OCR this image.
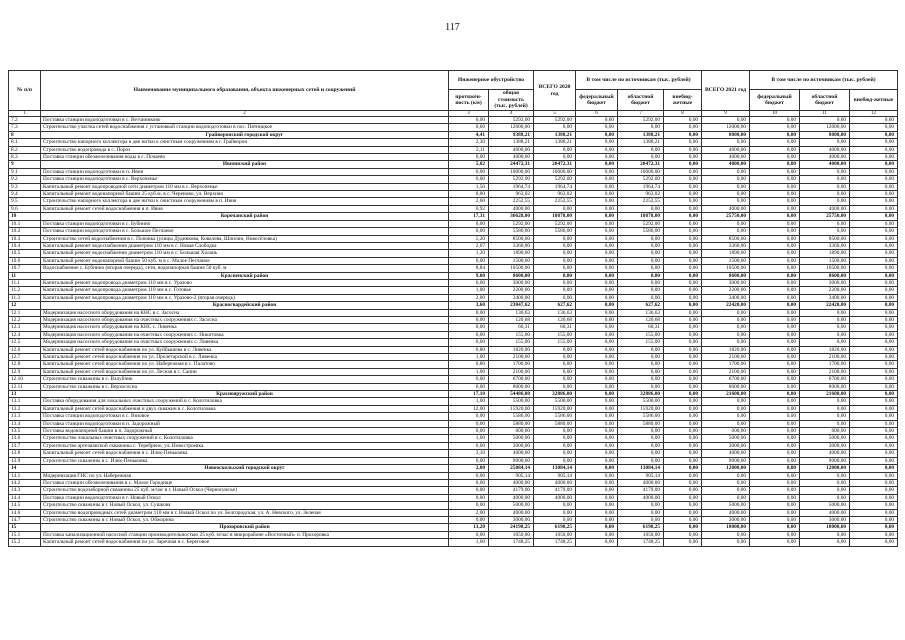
117
№ п/п	Наименование муниципального образования, объекта инженерных сетей и сооружений	Инженерное обустройство		ВСЕГО 2020 год	В том числе по источникам (тыс. рублей)			ВСЕГО 2021 год	В том числе по источникам (тыс. рублей)		
		протяжён-ность (км)	общая стоимость (тыс. рублей)		федеральный бюджет	областной бюджет	внебюд-жетные		федеральный бюджет	областной бюджет	внебюд-жетные
1	2	3	4	5	6	7	8	9	10	11	12
7.2	Поставка станции водоподготовки в с. Ветчиниково	0,00	5292,00	5292,00	0,00	5292,00	0,00	0,00	0,00	0,00	0,00
7.3	Строительство участка сетей водоснабжения с установкой станции водоподготовки в пос. Пятницкое	0,60	12000,00	0,00	0,00	0,00	0,00	12000,00	0,00	12000,00	0,00
8	Грайворонский городской округ	4,41	9388,21	1388,21	0,00	1388,21	0,00	8000,00	0,00	8000,00	0,00
8.1	Строительство напорного коллектора в две нитки к очистным сооружениям в г. Грайворон	2,30	1388,21	1388,21	0,00	1388,21	0,00	0,00	0,00	0,00	0,00
8.2	Строительство водопровода в с. Пороз	2,11	4000,00	0,00	0,00	0,00	0,00	4000,00	0,00	4000,00	0,00
8.3	Поставка станции обезжелезивания воды в с. Почаево	0,00	4000,00	0,00	0,00	0,00	0,00	4000,00	0,00	4000,00	0,00
9	Ивнянский район	5,02	24472,31	20472,31	0,00	20472,31	0,00	4000,00	0,00	4000,00	0,00
9.1	Поставка станции водоподготовки в п. Ивня	0,00	10000,00	10000,00	0,00	10000,00	0,00	0,00	0,00	0,00	0,00
9.2	Поставка станции водоподготовки в с. Верхопенье	0,00	5292,00	5292,00	0,00	5292,00	0,00	0,00	0,00	0,00	0,00
9.3	Капитальный ремонт водопроводной сети диаметром 110 мм в с. Верхопенье	1,50	1964,74	1964,74	0,00	1964,74	0,00	0,00	0,00	0,00	0,00
9.4	Капитальный ремонт водонапорной башни 25 куб.м. в с. Череново, ул. Верхняя	0,00	963,02	963,02	0,00	963,02	0,00	0,00	0,00	0,00	0,00
9.5	Строительство напорного коллектора в две нитки к очистным сооружениям в п. Ивня	2,60	2252,55	2252,55	0,00	2252,55	0,00	0,00	0,00	0,00	0,00
9.6	Капитальный ремонт сетей водоснабжения в п. Ивня	0,92	4000,00	0,00	0,00	0,00	0,00	4000,00	0,00	4000,00	0,00
10	Корочанский район	17,31	36628,00	10878,00	0,00	10878,00	0,00	25750,00	0,00	25750,00	0,00
10.1	Поставка станции водоподготовки в с. Бубнино	0,00	5292,00	5292,00	0,00	5292,00	0,00	0,00	0,00	0,00	0,00
10.2	Поставка станции водоподготовки в с. Большое Песчаное	0,00	5586,00	5586,00	0,00	5586,00	0,00	0,00	0,00	0,00	0,00
10.3	Строительство сетей водоснабжения в с. Поповка (улицы Дудинкова, Ковалева, Шпилин, Новосёловка)	5,20	8500,00	0,00	0,00	0,00	0,00	8500,00	0,00	8500,00	0,00
10.4	Капитальный ремонт водоснабжения диаметром 110 мм в с. Новая Слободка	2,07	3360,00	0,00	0,00	0,00	0,00	3360,00	0,00	3360,00	0,00
10.5	Капитальный ремонт водоснабжения диаметром 110 мм в с. Большая Халань	1,20	1890,00	0,00	0,00	0,00	0,00	1890,00	0,00	1890,00	0,00
10.6	Капитальный ремонт водонапорной башни 50 куб. м в с. Малое Песчаное	0,00	1500,00	0,00	0,00	0,00	0,00	1500,00	0,00	1500,00	0,00
10.7	Водоснабжение с. Бубнино (вторая очередь), сети, водонапорная башня 50 куб. м	8,84	10500,00	0,00	0,00	0,00	0,00	10500,00	0,00	10500,00	0,00
11	Красненский район	9,00	8600,00	0,00	0,00	0,00	0,00	8600,00	0,00	8600,00	0,00
11.1	Капитальный ремонт водопровода диаметром 110 мм в с. Уразово	6,00	3000,00	0,00	0,00	0,00	0,00	3000,00	0,00	3000,00	0,00
11.2	Капитальный ремонт водопровода диаметром 110 мм в с. Готовье	1,00	2200,00	0,00	0,00	0,00	0,00	2200,00	0,00	2200,00	0,00
11.3	Капитальный ремонт водопровода диаметром 110 мм в с. Уразово-2 (вторая очередь)	2,00	3400,00	0,00	0,00	0,00	0,00	3400,00	0,00	3400,00	0,00
12	Красногвардейский район	3,60	23047,62	627,62	0,00	627,62	0,00	22420,00	0,00	22420,00	0,00
12.1	Модернизация насосного оборудования на КНС в с. Засосна	0,00	136,63	136,63	0,00	136,63	0,00	0,00	0,00	0,00	0,00
12.2	Модернизация насосного оборудования на очистных сооружениях с. Засосна	0,00	120,68	120,68	0,00	120,68	0,00	0,00	0,00	0,00	0,00
12.3	Модернизация насосного оборудования на КНС с. Ливенка	0,00	60,31	60,31	0,00	60,31	0,00	0,00	0,00	0,00	0,00
12.4	Модернизация насосного оборудования на очистных сооружениях с. Никитовка	0,00	155,00	155,00	0,00	155,00	0,00	0,00	0,00	0,00	0,00
12.5	Модернизация насосного оборудования на очистных сооружениях с. Ливенка	0,00	155,00	155,00	0,00	155,00	0,00	0,00	0,00	0,00	0,00
12.6	Капитальный ремонт сетей водоснабжения по ул. Куйбышева в с. Ливенка	0,80	1820,00	0,00	0,00	0,00	0,00	1820,00	0,00	1820,00	0,00
12.7	Капитальный ремонт сетей водоснабжения по ул. Пролетарской в с. Ливенка	1,00	2100,00	0,00	0,00	0,00	0,00	2100,00	0,00	2100,00	0,00
12.8	Капитальный ремонт сетей водоснабжения по ул. Набережная в с. Палатово	0,80	1700,00	0,00	0,00	0,00	0,00	1700,00	0,00	1700,00	0,00
12.9	Капитальный ремонт сетей водоснабжения по ул. Лесная в с. Сапин	1,00	2100,00	0,00	0,00	0,00	0,00	2100,00	0,00	2100,00	0,00
12.10	Строительство скважины в с. Валуйчик	0,00	6700,00	0,00	0,00	0,00	0,00	6700,00	0,00	6700,00	0,00
12.11	Строительство скважины в с. Верхососна	0,00	8000,00	0,00	0,00	0,00	0,00	8000,00	0,00	8000,00	0,00
13	Краснояружский район	17,10	54486,00	32886,00	0,00	32886,00	0,00	21600,00	0,00	21600,00	0,00
13.1	Поставка оборудования для локальных очистных сооружений в с. Колотиловка	1,00	5500,00	5500,00	0,00	5500,00	0,00	0,00	0,00	0,00	0,00
13.2	Капитальный ремонт сетей водоснабжения и двух скважин в с. Колотиловка	12,00	15920,00	15920,00	0,00	15920,00	0,00	0,00	0,00	0,00	0,00
13.3	Поставка станции водоподготовки в с. Вязовое	0,00	5586,00	5586,00	0,00	5586,00	0,00	0,00	0,00	0,00	0,00
13.4	Поставка станции водоподготовки в п. Задорожный	0,00	5880,00	5880,00	0,00	5880,00	0,00	0,00	0,00	0,00	0,00
13.5	Поставка водонапорной башни в п. Задорожный	0,00	600,00	0,00	0,00	0,00	0,00	600,00	0,00	600,00	0,00
13.6	Строительство локальных очистных сооружений в с. Колотиловка	1,00	5000,00	0,00	0,00	0,00	0,00	5000,00	0,00	5000,00	0,00
13.7	Строительство артезианской скважины с. Теребрено, ул. Новостроевка	0,00	3000,00	0,00	0,00	0,00	0,00	3000,00	0,00	3000,00	0,00
13.8	Капитальный ремонт сетей водоснабжения в с. Илек-Пеньковка	3,10	4000,00	0,00	0,00	0,00	0,00	4000,00	0,00	4000,00	0,00
13.9	Строительство скважины в с. Илек-Пеньковка	0,00	9000,00	0,00	0,00	0,00	0,00	9000,00	0,00	9000,00	0,00
14	Новооскольский городской округ	2,00	25084,14	13084,14	0,00	13084,14	0,00	12000,00	0,00	12000,00	0,00
14.1	Модернизация ГНС по ул. Набережная	0,00	905,14	905,14	0,00	905,14	0,00	0,00	0,00	0,00	0,00
14.2	Поставка станции обезжелезивания в с. Малое Городище	0,00	4000,00	4000,00	0,00	4000,00	0,00	0,00	0,00	0,00	0,00
14.3	Строительство водозаборной скважины 25 куб. м/час в г. Новый Оскол (Черноплесье)	0,00	4179,00	4179,00	0,00	4179,00	0,00	0,00	0,00	0,00	0,00
14.4	Поставка станции водоподготовки в г. Новый Оскол	0,00	4000,00	4000,00	0,00	4000,00	0,00	0,00	0,00	0,00	0,00
14.5	Строительство скважины в г. Новый Оскол, ул. Сушкова	0,00	5000,00	0,00	0,00	0,00	0,00	5000,00	0,00	5000,00	0,00
14.6	Строительство водопроводных сетей диаметром 110 мм в г. Новый Оскол по ул. Белгородская, ул. А. Невского, ул. Зеленая	2,00	4000,00	0,00	0,00	0,00	0,00	4000,00	0,00	4000,00	0,00
14.7	Строительство скважины в г. Новый Оскол, ул. Обжорина	0,00	3000,00	0,00	0,00	0,00	0,00	3000,00	0,00	3000,00	0,00
15	Прохоровский район	13,20	24198,25	6198,25	0,00	6198,25	0,00	18000,00	0,00	18000,00	0,00
15.1	Поставка канализационной насосной станции производительностью 25 куб. м/час в микрорайоне «Восточный» п. Прохоровка	0,00	1050,00	1050,00	0,00	1050,00	0,00	0,00	0,00	0,00	0,00
15.2	Капитальный ремонт сетей водоснабжения по ул. Заречная в с. Береговое	1,60	1748,25	1748,25	0,00	1748,25	0,00	0,00	0,00	0,00	0,00
